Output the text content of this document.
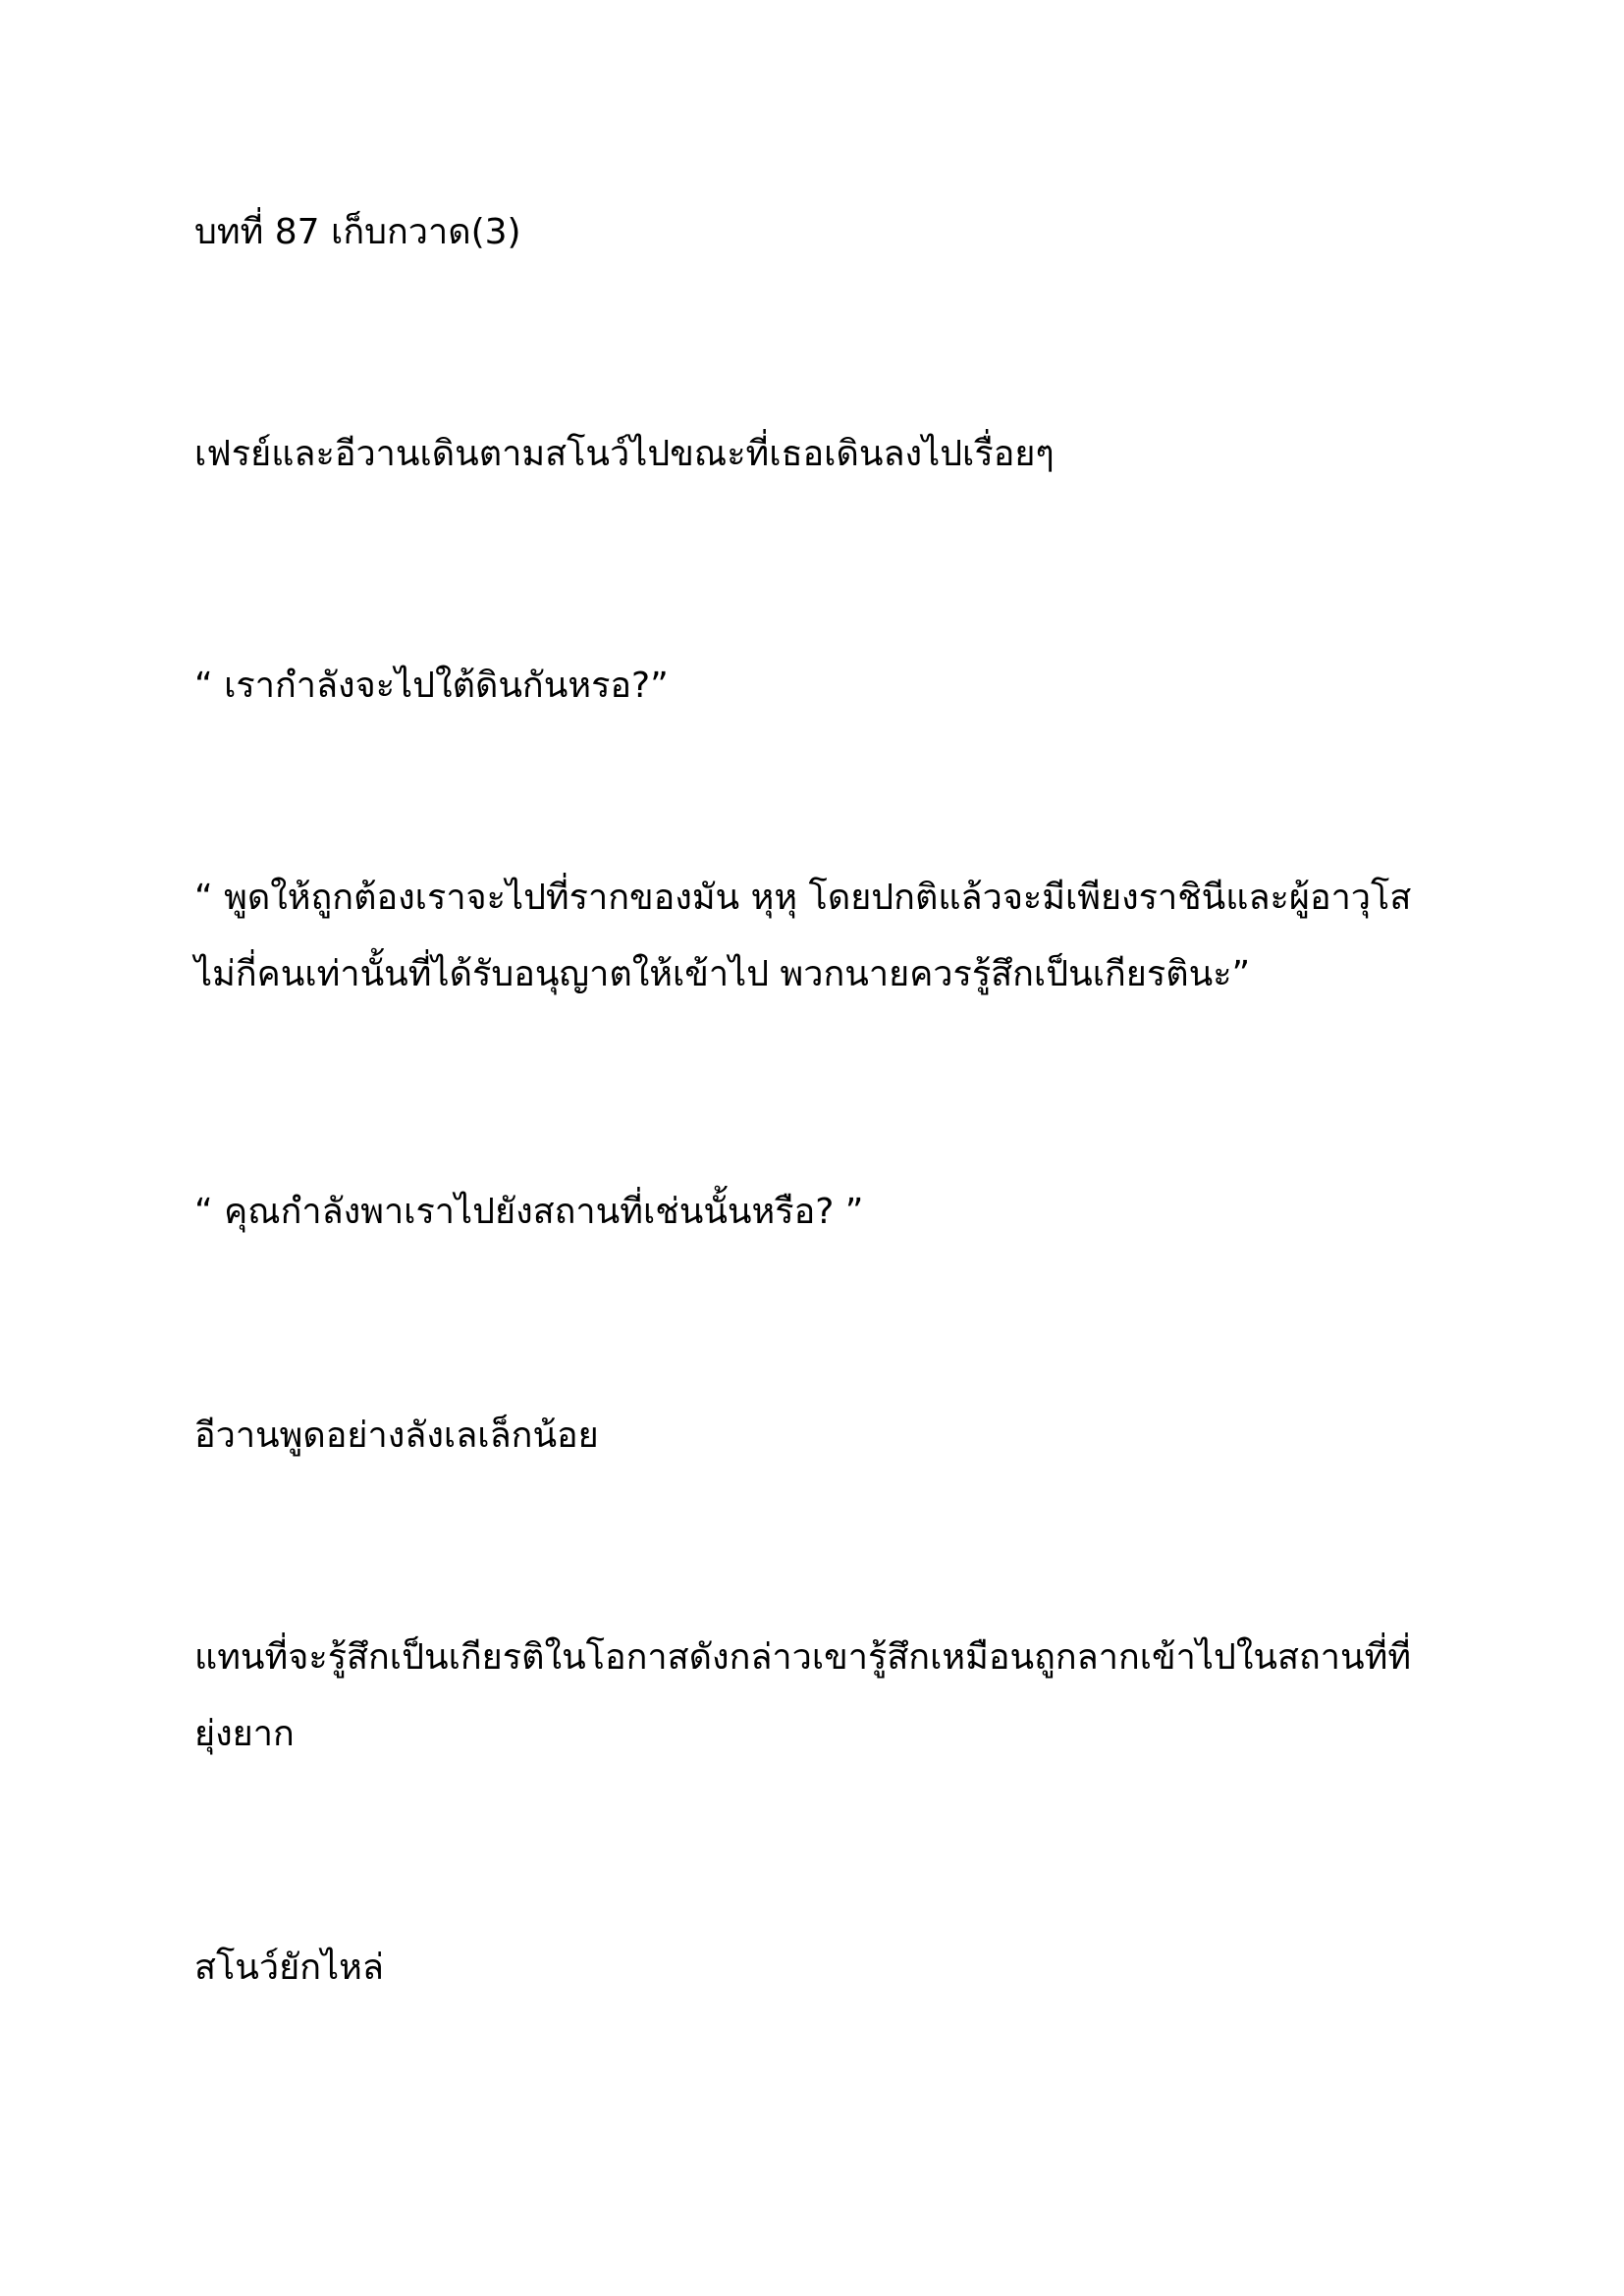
บทที่ 87 เก็บกวาด(3)

เฟรย์และอีวานเดินตามสโนว์ไปขณะที่เธอเดินลงไปเรื่อยๆ

“ เรากำลังจะไปใต้ดินกันหรอ?”

“ พูดให้ถูกต้องเราจะไปที่รากของมัน หุหุ โดยปกติแล้วจะมีเพียงราชินีและผู้อาวุโส
ไม่กี่คนเท่านั้นที่ได้รับอนุญาตให้เข้าไป พวกนายควรรู้สึกเป็นเกียรตินะ”

“ คุณกำลังพาเราไปยังสถานที่เช่นนั้นหรือ? ”

อีวานพูดอย่างลังเลเล็กน้อย

แทนที่จะรู้สึกเป็นเกียรติในโอกาสดังกล่าวเขารู้สึกเหมือนถูกลากเข้าไปในสถานที่ที่
ยุ่งยาก

สโนว์ยักไหล่
